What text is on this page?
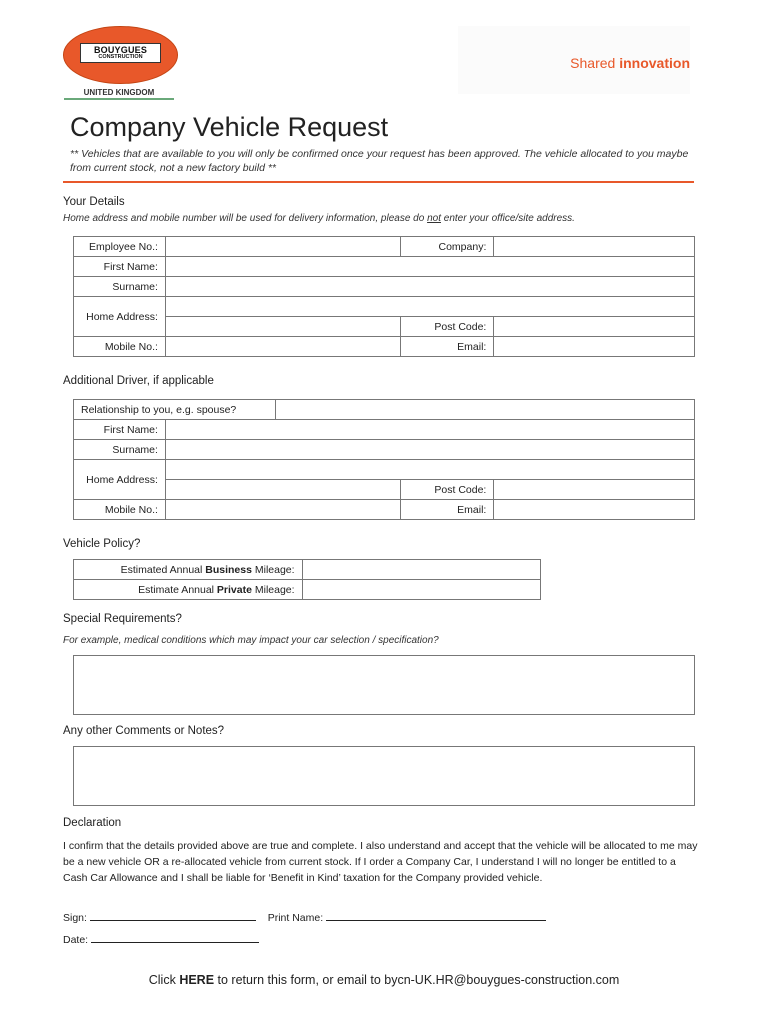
BOUYGUES
CONSTRUCTION
UNITED KINGDOM
Shared innovation
Company Vehicle Request
** Vehicles that are available to you will only be confirmed once your request has been approved. The vehicle allocated to you maybe from current stock, not a new factory build **
Your Details
Home address and mobile number will be used for delivery information, please do not enter your office/site address.
Employee No.:		Company:	
First Name:			
Surname:			
Home Address:			
		Post Code:	
Mobile No.:		Email:	
Additional Driver, if applicable
Relationship to you, e.g. spouse?				
First Name:				
Surname:				
Home Address:				
			Post Code:	
Mobile No.:			Email:	
Vehicle Policy?
Estimated Annual Business Mileage:	
Estimate Annual Private Mileage:	
Special Requirements?
For example, medical conditions which may impact your car selection / specification?
Any other Comments or Notes?
Declaration
I confirm that the details provided above are true and complete. I also understand and accept that the vehicle will be allocated to me may be a new vehicle OR a re-allocated vehicle from current stock. If I order a Company Car, I understand I will no longer be entitled to a Cash Car Allowance and I shall be liable for ‘Benefit in Kind’ taxation for the Company provided vehicle.
Sign:	Print Name:
Date:
Click HERE to return this form, or email to bycn-UK.HR@bouygues-construction.com
